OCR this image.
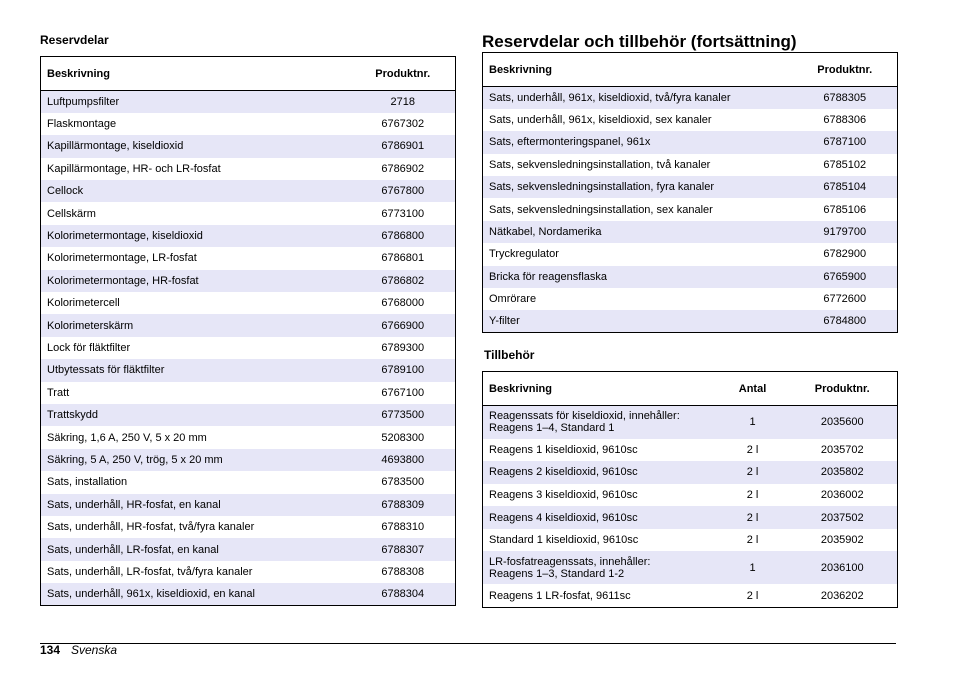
Reservdelar
Beskrivning	Produktnr.
Luftpumpsfilter	2718
Flaskmontage	6767302
Kapillärmontage, kiseldioxid	6786901
Kapillärmontage, HR- och LR-fosfat	6786902
Cellock	6767800
Cellskärm	6773100
Kolorimetermontage, kiseldioxid	6786800
Kolorimetermontage, LR-fosfat	6786801
Kolorimetermontage, HR-fosfat	6786802
Kolorimetercell	6768000
Kolorimeterskärm	6766900
Lock för fläktfilter	6789300
Utbytessats för fläktfilter	6789100
Tratt	6767100
Trattskydd	6773500
Säkring, 1,6 A, 250 V, 5 x 20 mm	5208300
Säkring, 5 A, 250 V, trög, 5 x 20 mm	4693800
Sats, installation	6783500
Sats, underhåll, HR-fosfat, en kanal	6788309
Sats, underhåll, HR-fosfat, två/fyra kanaler	6788310
Sats, underhåll, LR-fosfat, en kanal	6788307
Sats, underhåll, LR-fosfat, två/fyra kanaler	6788308
Sats, underhåll, 961x, kiseldioxid, en kanal	6788304
Reservdelar och tillbehör (fortsättning)
Beskrivning	Produktnr.
Sats, underhåll, 961x, kiseldioxid, två/fyra kanaler	6788305
Sats, underhåll, 961x, kiseldioxid, sex kanaler	6788306
Sats, eftermonteringspanel, 961x	6787100
Sats, sekvensledningsinstallation, två kanaler	6785102
Sats, sekvensledningsinstallation, fyra kanaler	6785104
Sats, sekvensledningsinstallation, sex kanaler	6785106
Nätkabel, Nordamerika	9179700
Tryckregulator	6782900
Bricka för reagensflaska	6765900
Omrörare	6772600
Y-filter	6784800
Tillbehör
Beskrivning	Antal	Produktnr.

Reagenssats för kiseldioxid, innehåller:
Reagens 1–4, Standard 1	1	2035600

Reagens 1 kiseldioxid, 9610sc	2 l	2035702

Reagens 2 kiseldioxid, 9610sc	2 l	2035802

Reagens 3 kiseldioxid, 9610sc	2 l	2036002

Reagens 4 kiseldioxid, 9610sc	2 l	2037502

Standard 1 kiseldioxid, 9610sc	2 l	2035902

LR-fosfatreagenssats, innehåller:
Reagens 1–3, Standard 1-2	1	2036100

Reagens 1 LR-fosfat, 9611sc	2 l	2036202
134 Svenska
